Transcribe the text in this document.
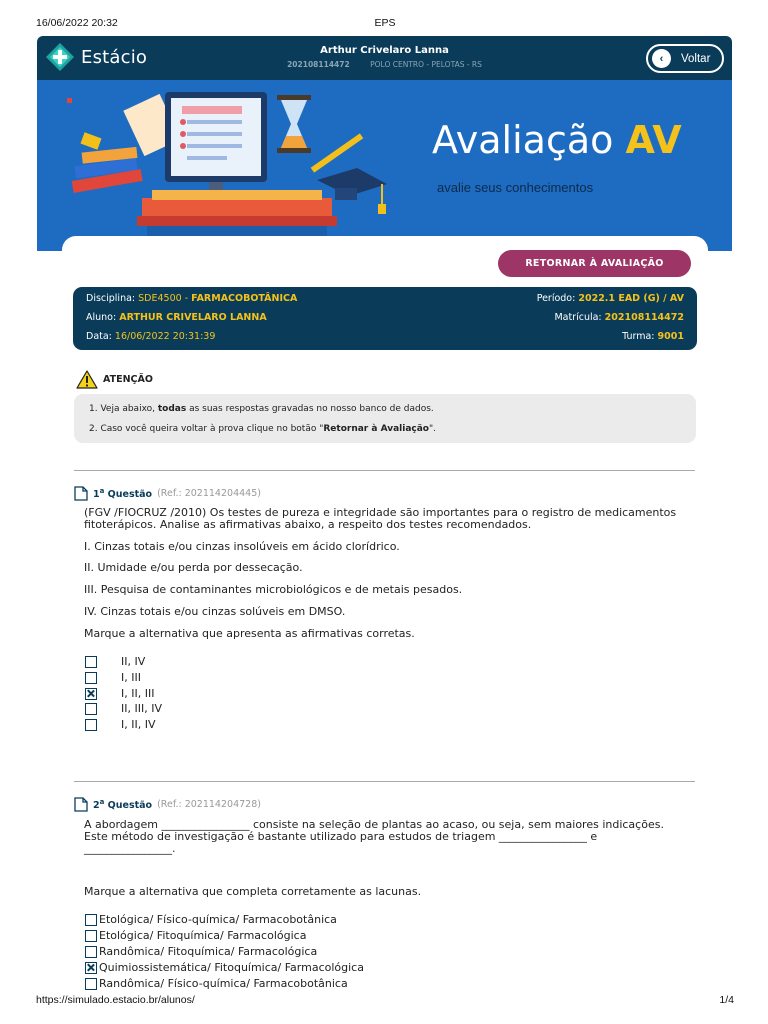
16/06/2022 20:32	EPS
Estácio	Arthur Crivelaro Lanna
202108114472	POLO CENTRO - PELOTAS - RS	‹	Voltar
Avaliação AV
avalie seus conhecimentos
RETORNAR À AVALIAÇÃO
Disciplina: SDE4500 - FARMACOBOTÂNICA	Período: 2022.1 EAD (G) / AV
Aluno: ARTHUR CRIVELARO LANNA	Matrícula: 202108114472
Data: 16/06/2022 20:31:39	Turma: 9001
ATENÇÃO
1. Veja abaixo, todas as suas respostas gravadas no nosso banco de dados.
2. Caso você queira voltar à prova clique no botão "Retornar à Avaliação".
1$^a$ Questão (Ref.: 202114204445)
(FGV /FIOCRUZ /2010) Os testes de pureza e integridade são importantes para o registro de medicamentos
fitoterápicos. Analise as afirmativas abaixo, a respeito dos testes recomendados.
I. Cinzas totais e/ou cinzas insolúveis em ácido clorídrico.
II. Umidade e/ou perda por dessecação.
III. Pesquisa de contaminantes microbiológicos e de metais pesados.
IV. Cinzas totais e/ou cinzas solúveis em DMSO.
Marque a alternativa que apresenta as afirmativas corretas.
II, IV
I, III
I, II, III
II, III, IV
I, II, IV
2$^a$ Questão (Ref.: 202114204728)
A abordagem ________________ consiste na seleção de plantas ao acaso, ou seja, sem maiores indicações.
Este método de investigação é bastante utilizado para estudos de triagem ________________ e
________________.
Marque a alternativa que completa corretamente as lacunas.
Etológica/ Físico-química/ Farmacobotânica
Etológica/ Fitoquímica/ Farmacológica
Randômica/ Fitoquímica/ Farmacológica
Quimiossistemática/ Fitoquímica/ Farmacológica
Randômica/ Físico-química/ Farmacobotânica
https://simulado.estacio.br/alunos/	1/4
